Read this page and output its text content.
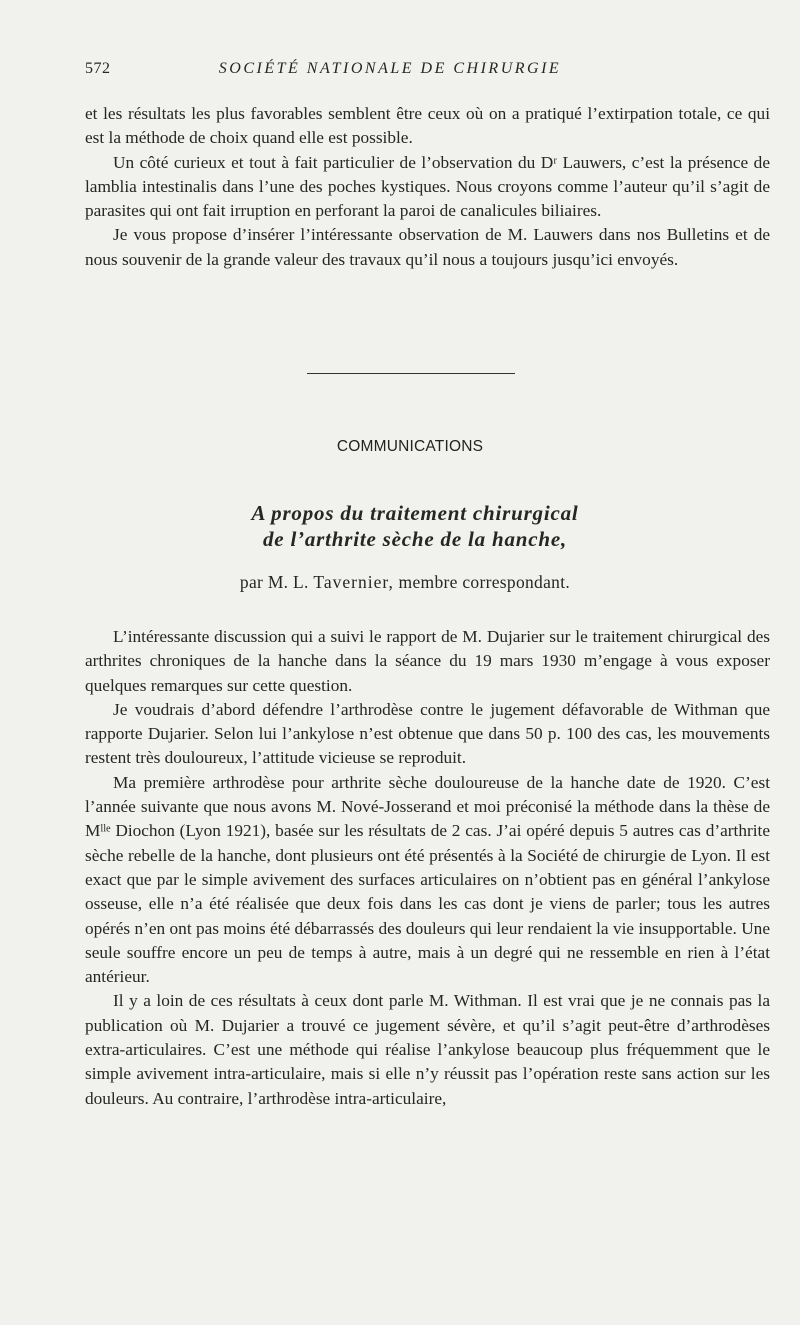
572	SOCIÉTÉ NATIONALE DE CHIRURGIE

et les résultats les plus favorables semblent être ceux où on a pratiqué l’extirpation totale, ce qui est la méthode de choix quand elle est possible.

Un côté curieux et tout à fait particulier de l’observation du Dʳ Lauwers, c’est la présence de lamblia intestinalis dans l’une des poches kystiques. Nous croyons comme l’auteur qu’il s’agit de parasites qui ont fait irruption en perforant la paroi de canalicules biliaires.

Je vous propose d’insérer l’intéressante observation de M. Lauwers dans nos Bulletins et de nous souvenir de la grande valeur des travaux qu’il nous a toujours jusqu’ici envoyés.

COMMUNICATIONS
A propos du traitement chirurgical
de l’arthrite sèche de la hanche,
par M. L. Tavernier, membre correspondant.

L’intéressante discussion qui a suivi le rapport de M. Dujarier sur le traitement chirurgical des arthrites chroniques de la hanche dans la séance du 19 mars 1930 m’engage à vous exposer quelques remarques sur cette question.

Je voudrais d’abord défendre l’arthrodèse contre le jugement défavorable de Withman que rapporte Dujarier. Selon lui l’ankylose n’est obtenue que dans 50 p. 100 des cas, les mouvements restent très douloureux, l’attitude vicieuse se reproduit.

Ma première arthrodèse pour arthrite sèche douloureuse de la hanche date de 1920. C’est l’année suivante que nous avons M. Nové-Josserand et moi préconisé la méthode dans la thèse de Mˡˡᵉ Diochon (Lyon 1921), basée sur les résultats de 2 cas. J’ai opéré depuis 5 autres cas d’arthrite sèche rebelle de la hanche, dont plusieurs ont été présentés à la Société de chirurgie de Lyon. Il est exact que par le simple avivement des surfaces articulaires on n’obtient pas en général l’ankylose osseuse, elle n’a été réalisée que deux fois dans les cas dont je viens de parler; tous les autres opérés n’en ont pas moins été débarrassés des douleurs qui leur rendaient la vie insupportable. Une seule souffre encore un peu de temps à autre, mais à un degré qui ne ressemble en rien à l’état antérieur.

Il y a loin de ces résultats à ceux dont parle M. Withman. Il est vrai que je ne connais pas la publication où M. Dujarier a trouvé ce jugement sévère, et qu’il s’agit peut-être d’arthrodèses extra-articulaires. C’est une méthode qui réalise l’ankylose beaucoup plus fréquemment que le simple avivement intra-articulaire, mais si elle n’y réussit pas l’opération reste sans action sur les douleurs. Au contraire, l’arthrodèse intra-articulaire,
